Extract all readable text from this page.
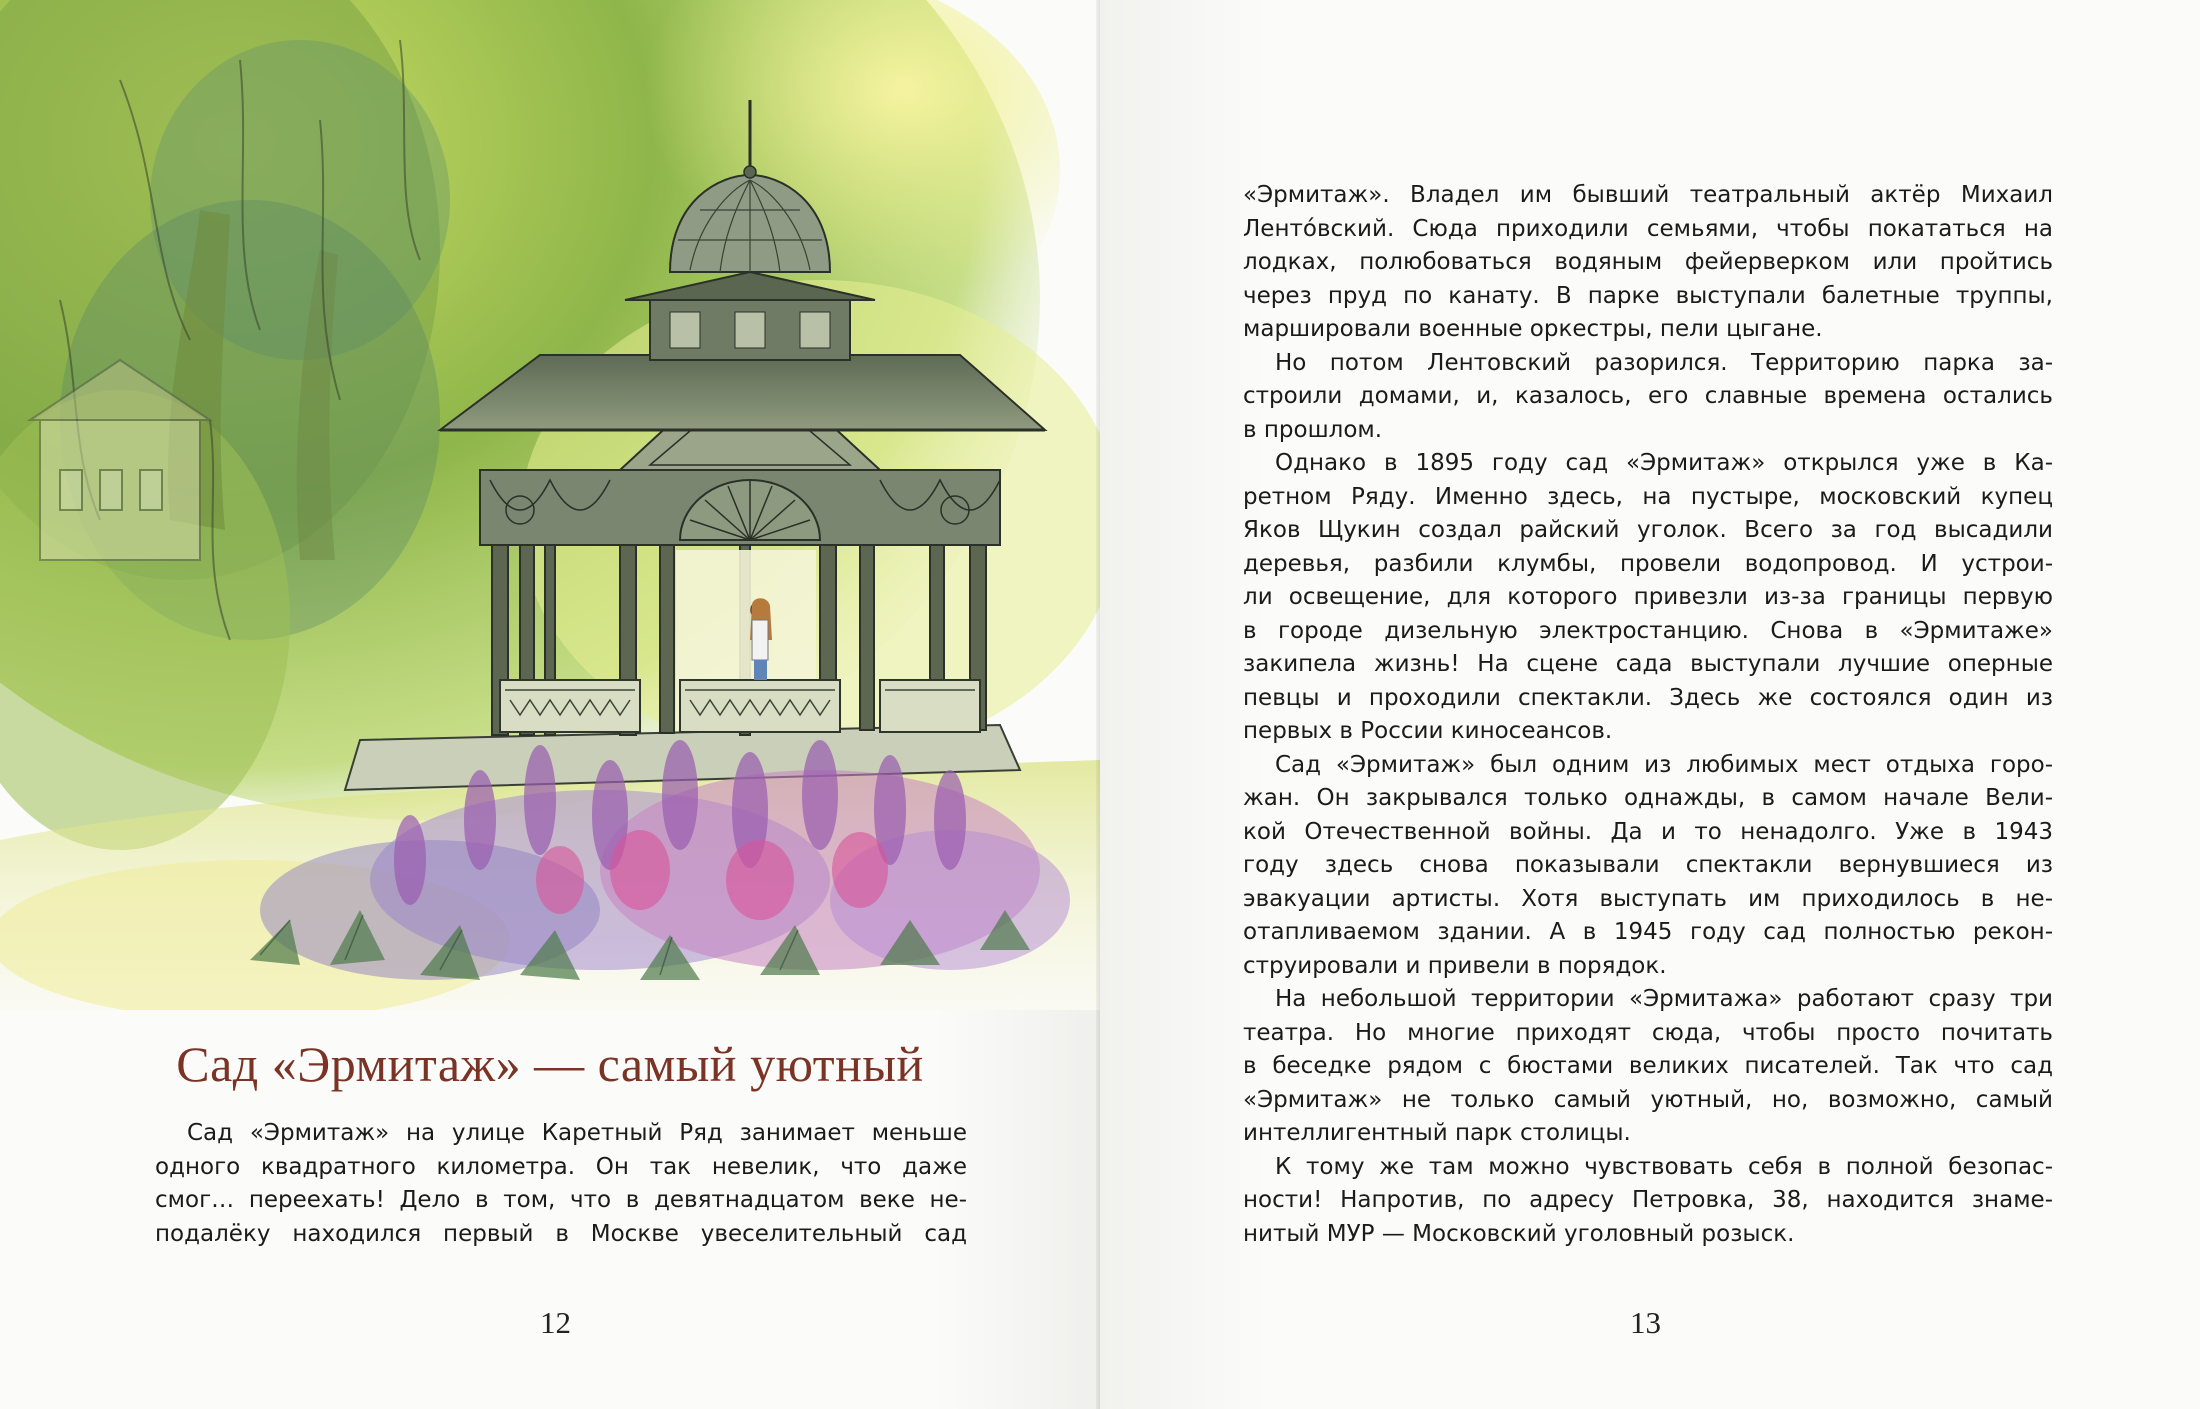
Сад «Эрмитаж» — самый уютный
Сад «Эрмитаж» на улице Каретный Ряд занимает меньше
одного квадратного километра. Он так невелик, что даже
смог… переехать! Дело в том, что в девятнадцатом веке не-
подалёку находился первый в Москве увеселительный сад
12
«Эрмитаж». Владел им бывший театральный актёр Михаил
Лентóвский. Сюда приходили семьями, чтобы покататься на
лодках, полюбоваться водяным фейерверком или пройтись
через пруд по канату. В парке выступали балетные труппы,
маршировали военные оркестры, пели цыгане.
Но потом Лентовский разорился. Территорию парка за-
строили домами, и, казалось, его славные времена остались
в прошлом.
Однако в 1895 году сад «Эрмитаж» открылся уже в Ка-
ретном Ряду. Именно здесь, на пустыре, московский купец
Яков Щукин создал райский уголок. Всего за год высадили
деревья, разбили клумбы, провели водопровод. И устрои-
ли освещение, для которого привезли из-за границы первую
в городе дизельную электростанцию. Снова в «Эрмитаже»
закипела жизнь! На сцене сада выступали лучшие оперные
певцы и проходили спектакли. Здесь же состоялся один из
первых в России киносеансов.
Сад «Эрмитаж» был одним из любимых мест отдыха горо-
жан. Он закрывался только однажды, в самом начале Вели-
кой Отечественной войны. Да и то ненадолго. Уже в 1943
году здесь снова показывали спектакли вернувшиеся из
эвакуации артисты. Хотя выступать им приходилось в не-
отапливаемом здании. А в 1945 году сад полностью рекон-
струировали и привели в порядок.
На небольшой территории «Эрмитажа» работают сразу три
театра. Но многие приходят сюда, чтобы просто почитать
в беседке рядом с бюстами великих писателей. Так что сад
«Эрмитаж» не только самый уютный, но, возможно, самый
интеллигентный парк столицы.
К тому же там можно чувствовать себя в полной безопас-
ности! Напротив, по адресу Петровка, 38, находится знаме-
нитый МУР — Московский уголовный розыск.
13
